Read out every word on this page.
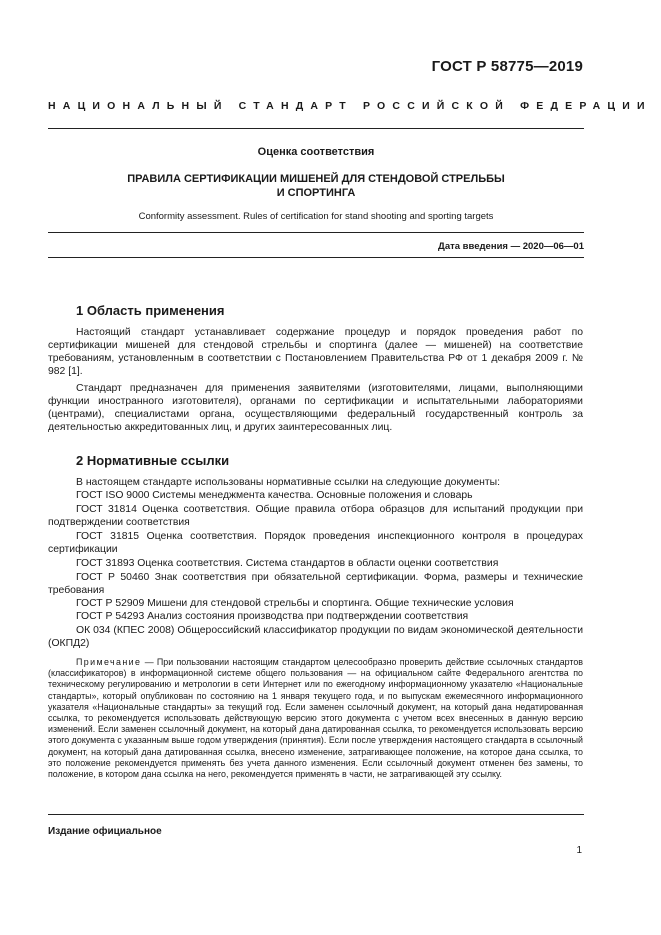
ГОСТ Р 58775—2019
НАЦИОНАЛЬНЫЙ СТАНДАРТ РОССИЙСКОЙ ФЕДЕРАЦИИ
Оценка соответствия
ПРАВИЛА СЕРТИФИКАЦИИ МИШЕНЕЙ ДЛЯ СТЕНДОВОЙ СТРЕЛЬБЫ
И СПОРТИНГА
Conformity assessment. Rules of certification for stand shooting and sporting targets
Дата введения — 2020—06—01
1 Область применения
Настоящий стандарт устанавливает содержание процедур и порядок проведения работ по сертификации мишеней для стендовой стрельбы и спортинга (далее — мишеней) на соответствие требованиям, установленным в соответствии с Постановлением Правительства РФ от 1 декабря 2009 г. № 982 [1].
Стандарт предназначен для применения заявителями (изготовителями, лицами, выполняющими функции иностранного изготовителя), органами по сертификации и испытательными лабораториями (центрами), специалистами органа, осуществляющими федеральный государственный контроль за деятельностью аккредитованных лиц, и других заинтересованных лиц.
2 Нормативные ссылки
В настоящем стандарте использованы нормативные ссылки на следующие документы:
ГОСТ ISO 9000 Системы менеджмента качества. Основные положения и словарь
ГОСТ 31814 Оценка соответствия. Общие правила отбора образцов для испытаний продукции при подтверждении соответствия
ГОСТ 31815 Оценка соответствия. Порядок проведения инспекционного контроля в процедурах сертификации
ГОСТ 31893 Оценка соответствия. Система стандартов в области оценки соответствия
ГОСТ Р 50460 Знак соответствия при обязательной сертификации. Форма, размеры и технические требования
ГОСТ Р 52909 Мишени для стендовой стрельбы и спортинга. Общие технические условия
ГОСТ Р 54293 Анализ состояния производства при подтверждении соответствия
ОК 034 (КПЕС 2008) Общероссийский классификатор продукции по видам экономической деятельности (ОКПД2)
Примечание — При пользовании настоящим стандартом целесообразно проверить действие ссылочных стандартов (классификаторов) в информационной системе общего пользования — на официальном сайте Федерального агентства по техническому регулированию и метрологии в сети Интернет или по ежегодному информационному указателю «Национальные стандарты», который опубликован по состоянию на 1 января текущего года, и по выпускам ежемесячного информационного указателя «Национальные стандарты» за текущий год. Если заменен ссылочный документ, на который дана недатированная ссылка, то рекомендуется использовать действующую версию этого документа с учетом всех внесенных в данную версию изменений. Если заменен ссылочный документ, на который дана датированная ссылка, то рекомендуется использовать версию этого документа с указанным выше годом утверждения (принятия). Если после утверждения настоящего стандарта в ссылочный документ, на который дана датированная ссылка, внесено изменение, затрагивающее положение, на которое дана ссылка, то это положение рекомендуется применять без учета данного изменения. Если ссылочный документ отменен без замены, то положение, в котором дана ссылка на него, рекомендуется применять в части, не затрагивающей эту ссылку.
Издание официальное
1
